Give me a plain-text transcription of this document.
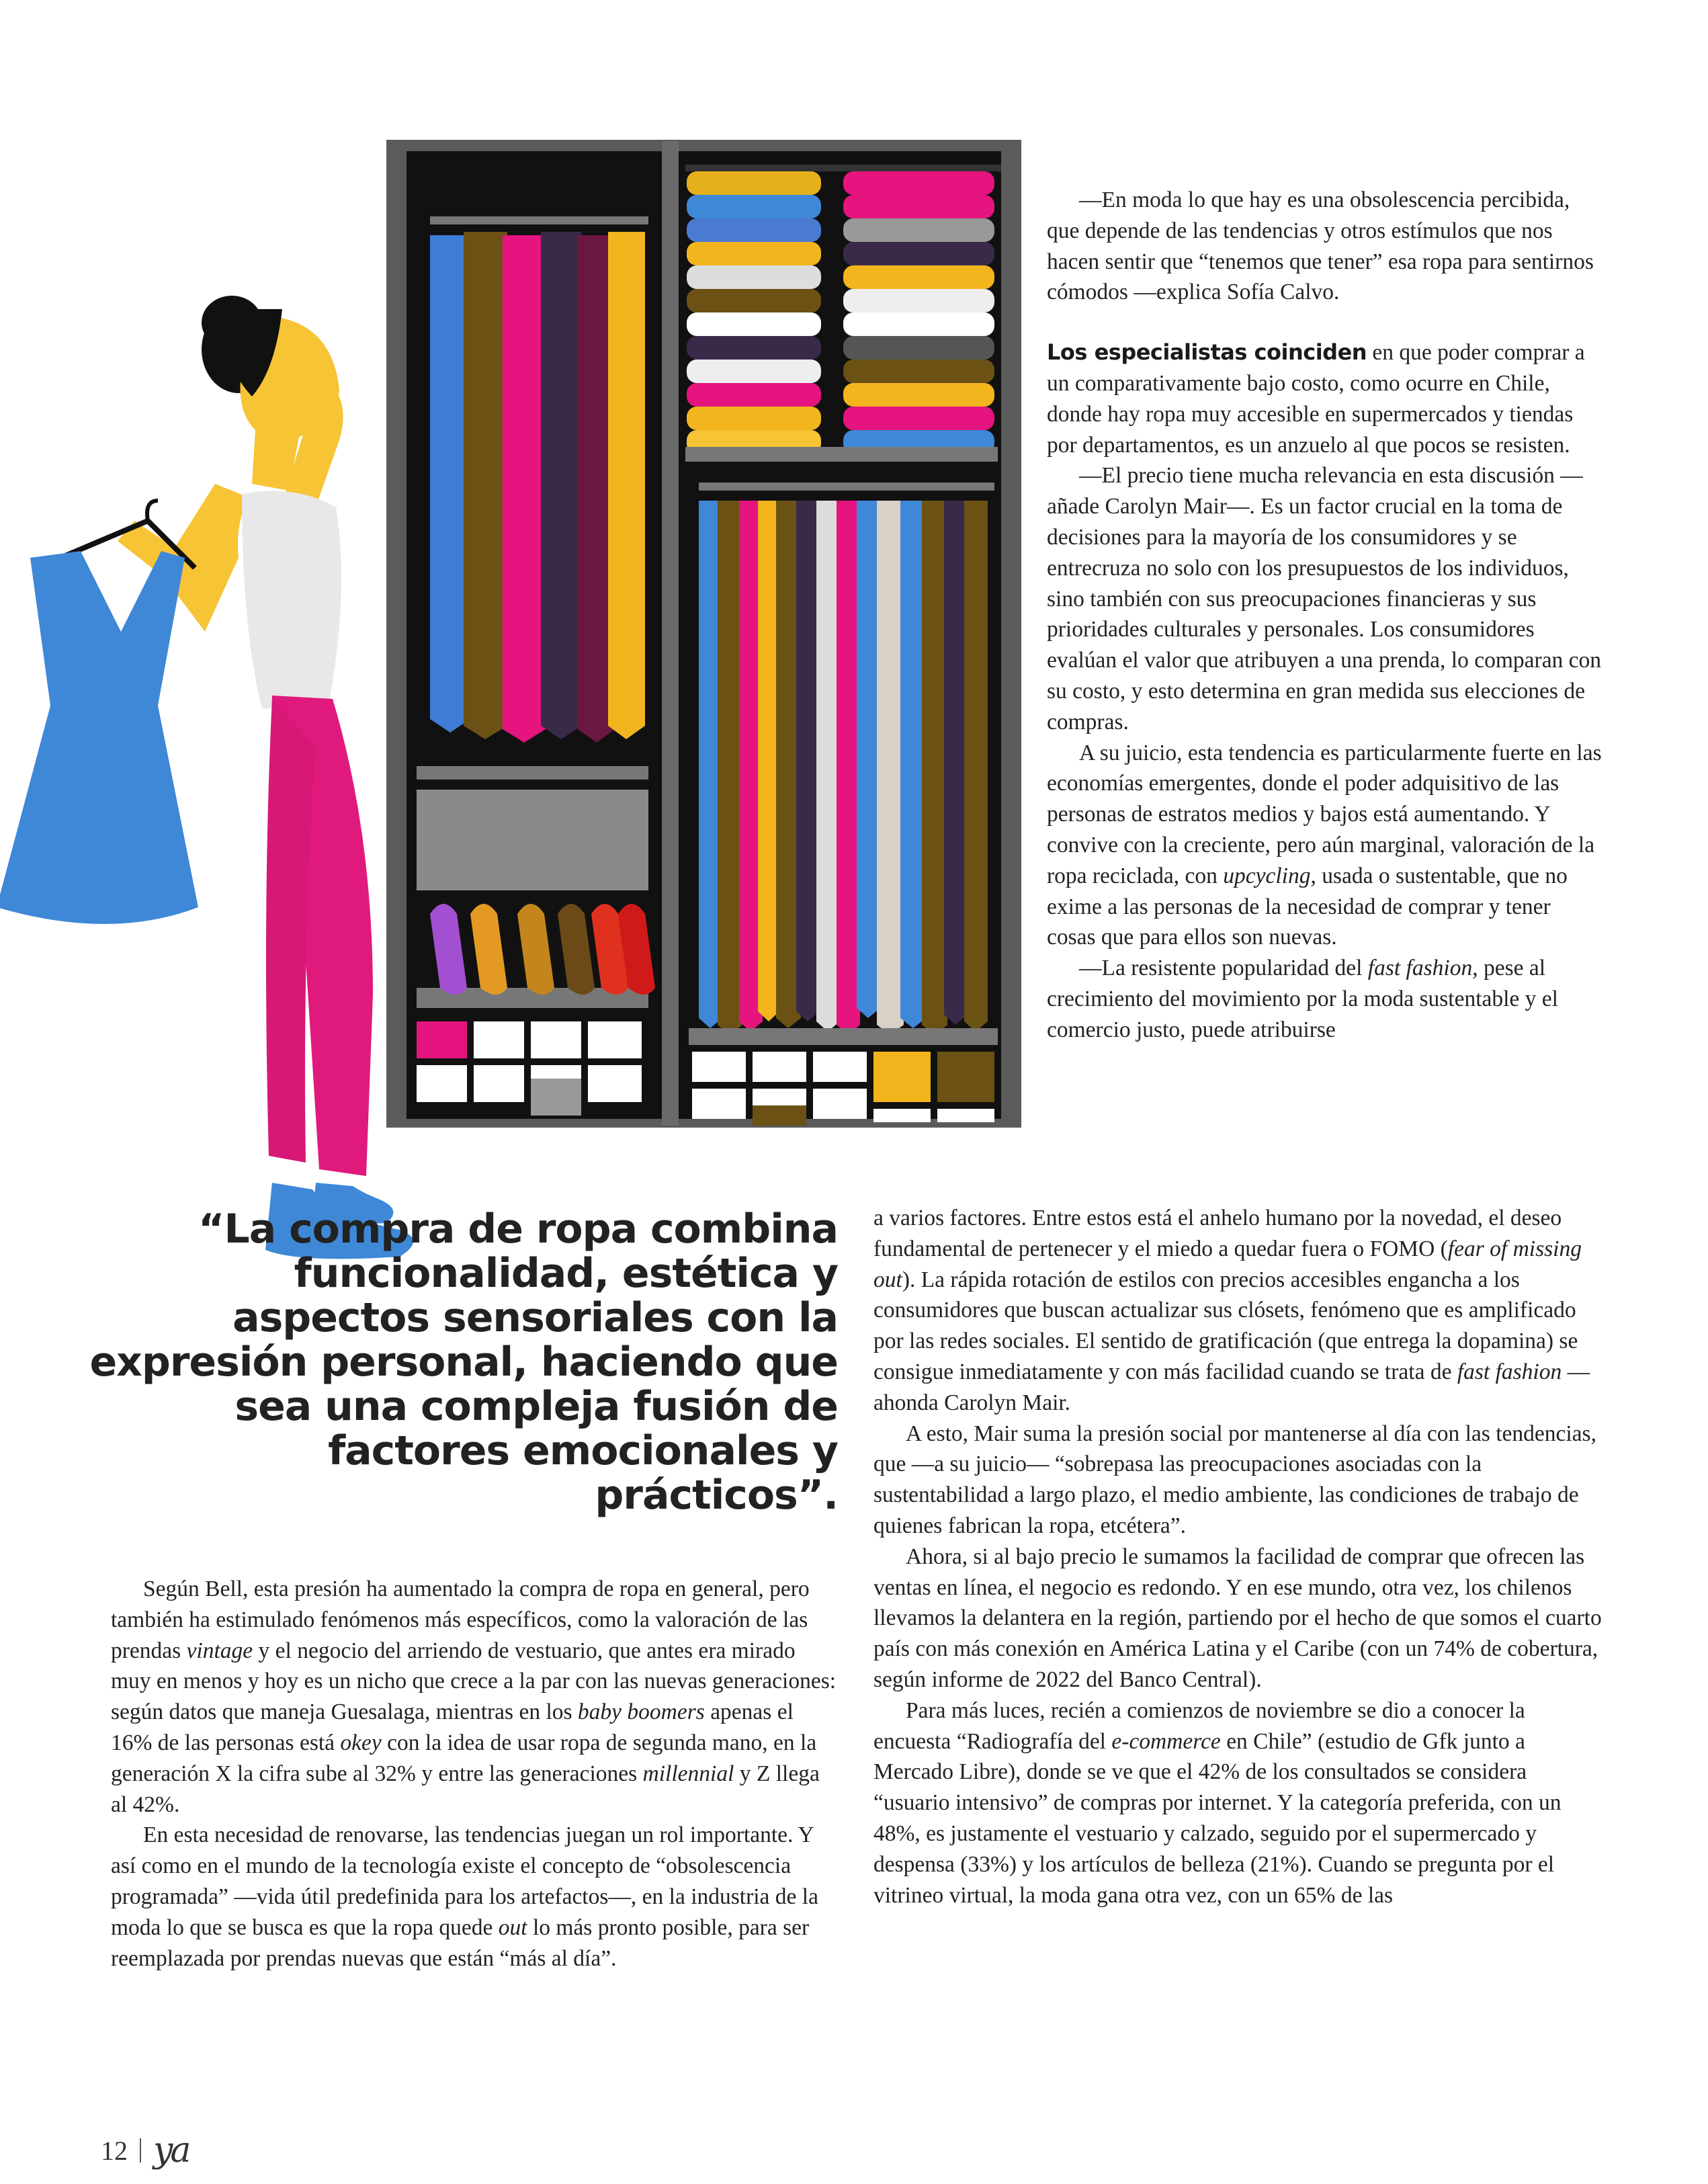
—En moda lo que hay es una obsolescencia percibida, que depende de las tendencias y otros estímulos que nos hacen sentir que “tenemos que tener” esa ropa para sentirnos cómodos —explica Sofía Calvo.

Los especialistas coinciden en que poder comprar a un comparativamente bajo costo, como ocurre en Chile, donde hay ropa muy accesible en supermercados y tiendas por departamentos, es un anzuelo al que pocos se resisten.

—El precio tiene mucha relevancia en esta discusión —añade Carolyn Mair—. Es un factor crucial en la toma de decisiones para la mayoría de los consumidores y se entrecruza no solo con los presupuestos de los individuos, sino también con sus preocupaciones financieras y sus prioridades culturales y personales. Los consumidores evalúan el valor que atribuyen a una prenda, lo comparan con su costo, y esto determina en gran medida sus elecciones de compras.

A su juicio, esta tendencia es particularmente fuerte en las economías emergentes, donde el poder adquisitivo de las personas de estratos medios y bajos está aumentando. Y convive con la creciente, pero aún marginal, valoración de la ropa reciclada, con upcycling, usada o sustentable, que no exime a las personas de la necesidad de comprar y tener cosas que para ellos son nuevas.

—La resistente popularidad del fast fashion, pese al crecimiento del movimiento por la moda sustentable y el comercio justo, puede atribuirse

a varios factores. Entre estos está el anhelo humano por la novedad, el deseo fundamental de pertenecer y el miedo a quedar fuera o FOMO (fear of missing out). La rápida rotación de estilos con precios accesibles engancha a los consumidores que buscan actualizar sus clósets, fenómeno que es amplificado por las redes sociales. El sentido de gratificación (que entrega la dopamina) se consigue inmediatamente y con más facilidad cuando se trata de fast fashion —ahonda Carolyn Mair.

A esto, Mair suma la presión social por mantenerse al día con las tendencias, que —a su juicio— “sobrepasa las preocupaciones asociadas con la sustentabilidad a largo plazo, el medio ambiente, las condiciones de trabajo de quienes fabrican la ropa, etcétera”.

Ahora, si al bajo precio le sumamos la facilidad de comprar que ofrecen las ventas en línea, el negocio es redondo. Y en ese mundo, otra vez, los chilenos llevamos la delantera en la región, partiendo por el hecho de que somos el cuarto país con más conexión en América Latina y el Caribe (con un 74% de cobertura, según informe de 2022 del Banco Central).

Para más luces, recién a comienzos de noviembre se dio a conocer la encuesta “Radiografía del e-commerce en Chile” (estudio de Gfk junto a Mercado Libre), donde se ve que el 42% de los consultados se considera “usuario intensivo” de compras por internet. Y la categoría preferida, con un 48%, es justamente el vestuario y calzado, seguido por el supermercado y despensa (33%) y los artículos de belleza (21%). Cuando se pregunta por el vitrineo virtual, la moda gana otra vez, con un 65% de las

“La compra de ropa combina funcionalidad, estética y aspectos sensoriales con la expresión personal, haciendo que sea una compleja fusión de factores emocionales y prácticos”.

Según Bell, esta presión ha aumentado la compra de ropa en general, pero también ha estimulado fenómenos más específicos, como la valoración de las prendas vintage y el negocio del arriendo de vestuario, que antes era mirado muy en menos y hoy es un nicho que crece a la par con las nuevas generaciones: según datos que maneja Guesalaga, mientras en los baby boomers apenas el 16% de las personas está okey con la idea de usar ropa de segunda mano, en la generación X la cifra sube al 32% y entre las generaciones millennial y Z llega al 42%.

En esta necesidad de renovarse, las tendencias juegan un rol importante. Y así como en el mundo de la tecnología existe el concepto de “obsolescencia programada” —vida útil predefinida para los artefactos—, en la industria de la moda lo que se busca es que la ropa quede out lo más pronto posible, para ser reemplazada por prendas nuevas que están “más al día”.

12 ya
